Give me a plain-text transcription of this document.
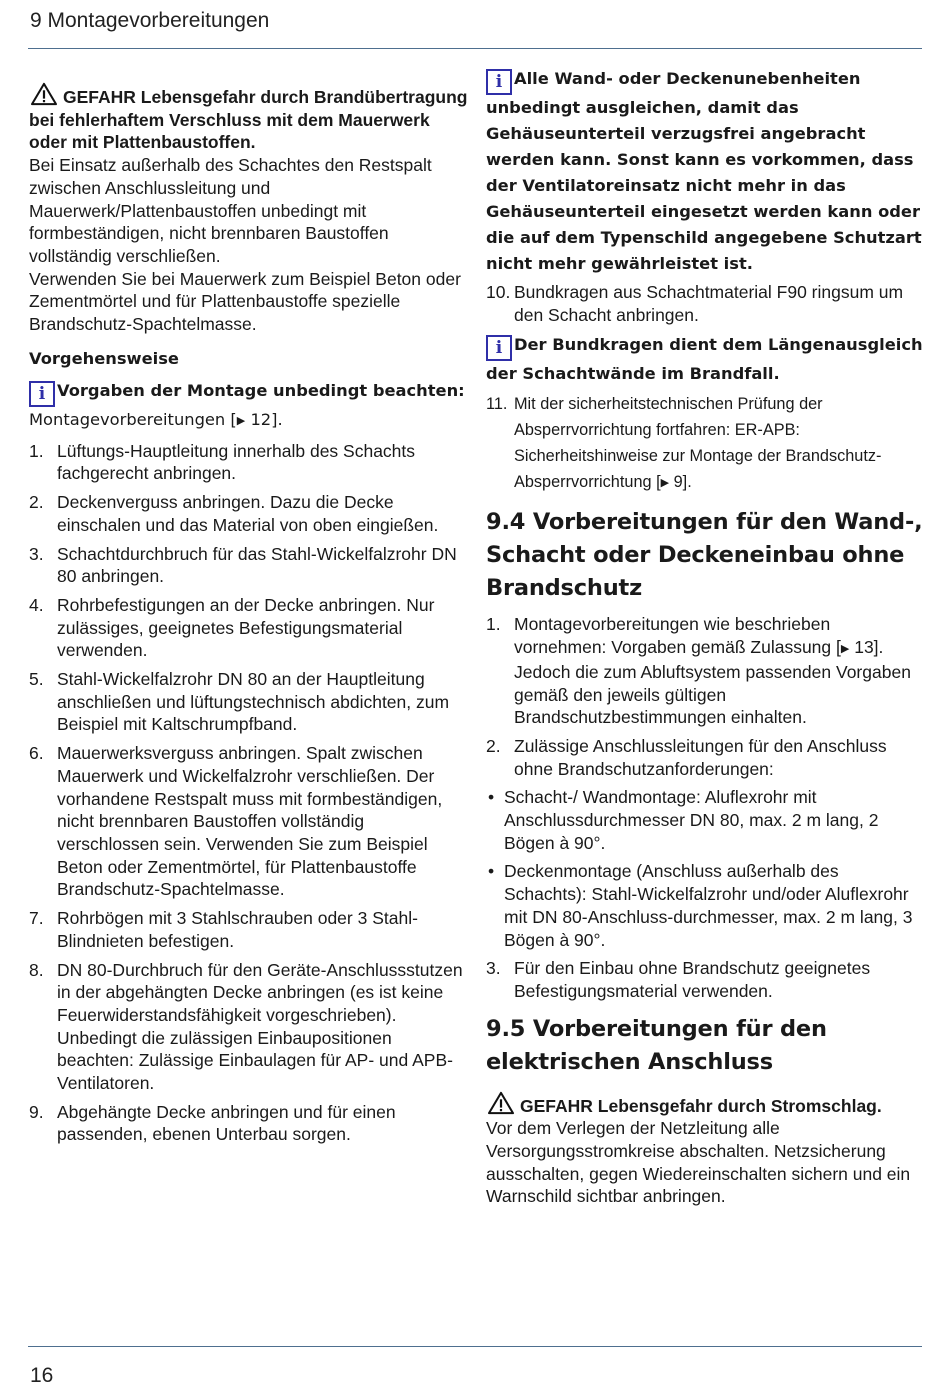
9 Montagevorbereitungen
GEFAHR Lebensgefahr durch Brandübertragung bei fehlerhaftem Verschluss mit dem Mauerwerk oder mit Plattenbaustoffen.
Bei Einsatz außerhalb des Schachtes den Restspalt zwischen Anschlussleitung und Mauerwerk/Plattenbaustoffen unbedingt mit formbeständigen, nicht brennbaren Baustoffen vollständig verschließen.
Verwenden Sie bei Mauerwerk zum Beispiel Beton oder Zementmörtel und für Plattenbaustoffe spezielle Brandschutz-Spachtelmasse.
Vorgehensweise
i Vorgaben der Montage unbedingt beachten: Montagevorbereitungen [▶ 12].
1. Lüftungs-Hauptleitung innerhalb des Schachts fachgerecht anbringen.
2. Deckenverguss anbringen. Dazu die Decke einschalen und das Material von oben eingießen.
3. Schachtdurchbruch für das Stahl-Wickelfalzrohr DN 80 anbringen.
4. Rohrbefestigungen an der Decke anbringen. Nur zulässiges, geeignetes Befestigungsmaterial verwenden.
5. Stahl-Wickelfalzrohr DN 80 an der Hauptleitung anschließen und lüftungstechnisch abdichten, zum Beispiel mit Kaltschrumpfband.
6. Mauerwerksverguss anbringen. Spalt zwischen Mauerwerk und Wickelfalzrohr verschließen. Der vorhandene Restspalt muss mit formbeständigen, nicht brennbaren Baustoffen vollständig verschlossen sein. Verwenden Sie zum Beispiel Beton oder Zementmörtel, für Plattenbaustoffe Brandschutz-Spachtelmasse.
7. Rohrbögen mit 3 Stahlschrauben oder 3 Stahl-Blindnieten befestigen.
8. DN 80-Durchbruch für den Geräte-Anschlussstutzen in der abgehängten Decke anbringen (es ist keine Feuerwiderstandsfähigkeit vorgeschrieben). Unbedingt die zulässigen Einbaupositionen beachten: Zulässige Einbaulagen für AP- und APB-Ventilatoren.
9. Abgehängte Decke anbringen und für einen passenden, ebenen Unterbau sorgen.
i Alle Wand- oder Deckenunebenheiten unbedingt ausgleichen, damit das Gehäuseunterteil verzugsfrei angebracht werden kann. Sonst kann es vorkommen, dass der Ventilatoreinsatz nicht mehr in das Gehäuseunterteil eingesetzt werden kann oder die auf dem Typenschild angegebene Schutzart nicht mehr gewährleistet ist.
10. Bundkragen aus Schachtmaterial F90 ringsum um den Schacht anbringen.
i Der Bundkragen dient dem Längenausgleich der Schachtwände im Brandfall.
11. Mit der sicherheitstechnischen Prüfung der Absperrvorrichtung fortfahren: ER-APB: Sicherheitshinweise zur Montage der Brandschutz-Absperrvorrichtung [▶ 9].
9.4 Vorbereitungen für den Wand-, Schacht oder Deckeneinbau ohne Brandschutz
1. Montagevorbereitungen wie beschrieben vornehmen: Vorgaben gemäß Zulassung [▶ 13]. Jedoch die zum Abluftsystem passenden Vorgaben gemäß den jeweils gültigen Brandschutzbestimmungen einhalten.
2. Zulässige Anschlussleitungen für den Anschluss ohne Brandschutzanforderungen:
• Schacht-/ Wandmontage: Aluflexrohr mit Anschlussdurchmesser DN 80, max. 2 m lang, 2 Bögen à 90°.
• Deckenmontage (Anschluss außerhalb des Schachts): Stahl-Wickelfalzrohr und/oder Aluflexrohr mit DN 80-Anschluss-durchmesser, max. 2 m lang, 3 Bögen à 90°.
3. Für den Einbau ohne Brandschutz geeignetes Befestigungsmaterial verwenden.
9.5 Vorbereitungen für den elektrischen Anschluss
GEFAHR Lebensgefahr durch Stromschlag.
Vor dem Verlegen der Netzleitung alle Versorgungsstromkreise abschalten. Netzsicherung ausschalten, gegen Wiedereinschalten sichern und ein Warnschild sichtbar anbringen.
16
